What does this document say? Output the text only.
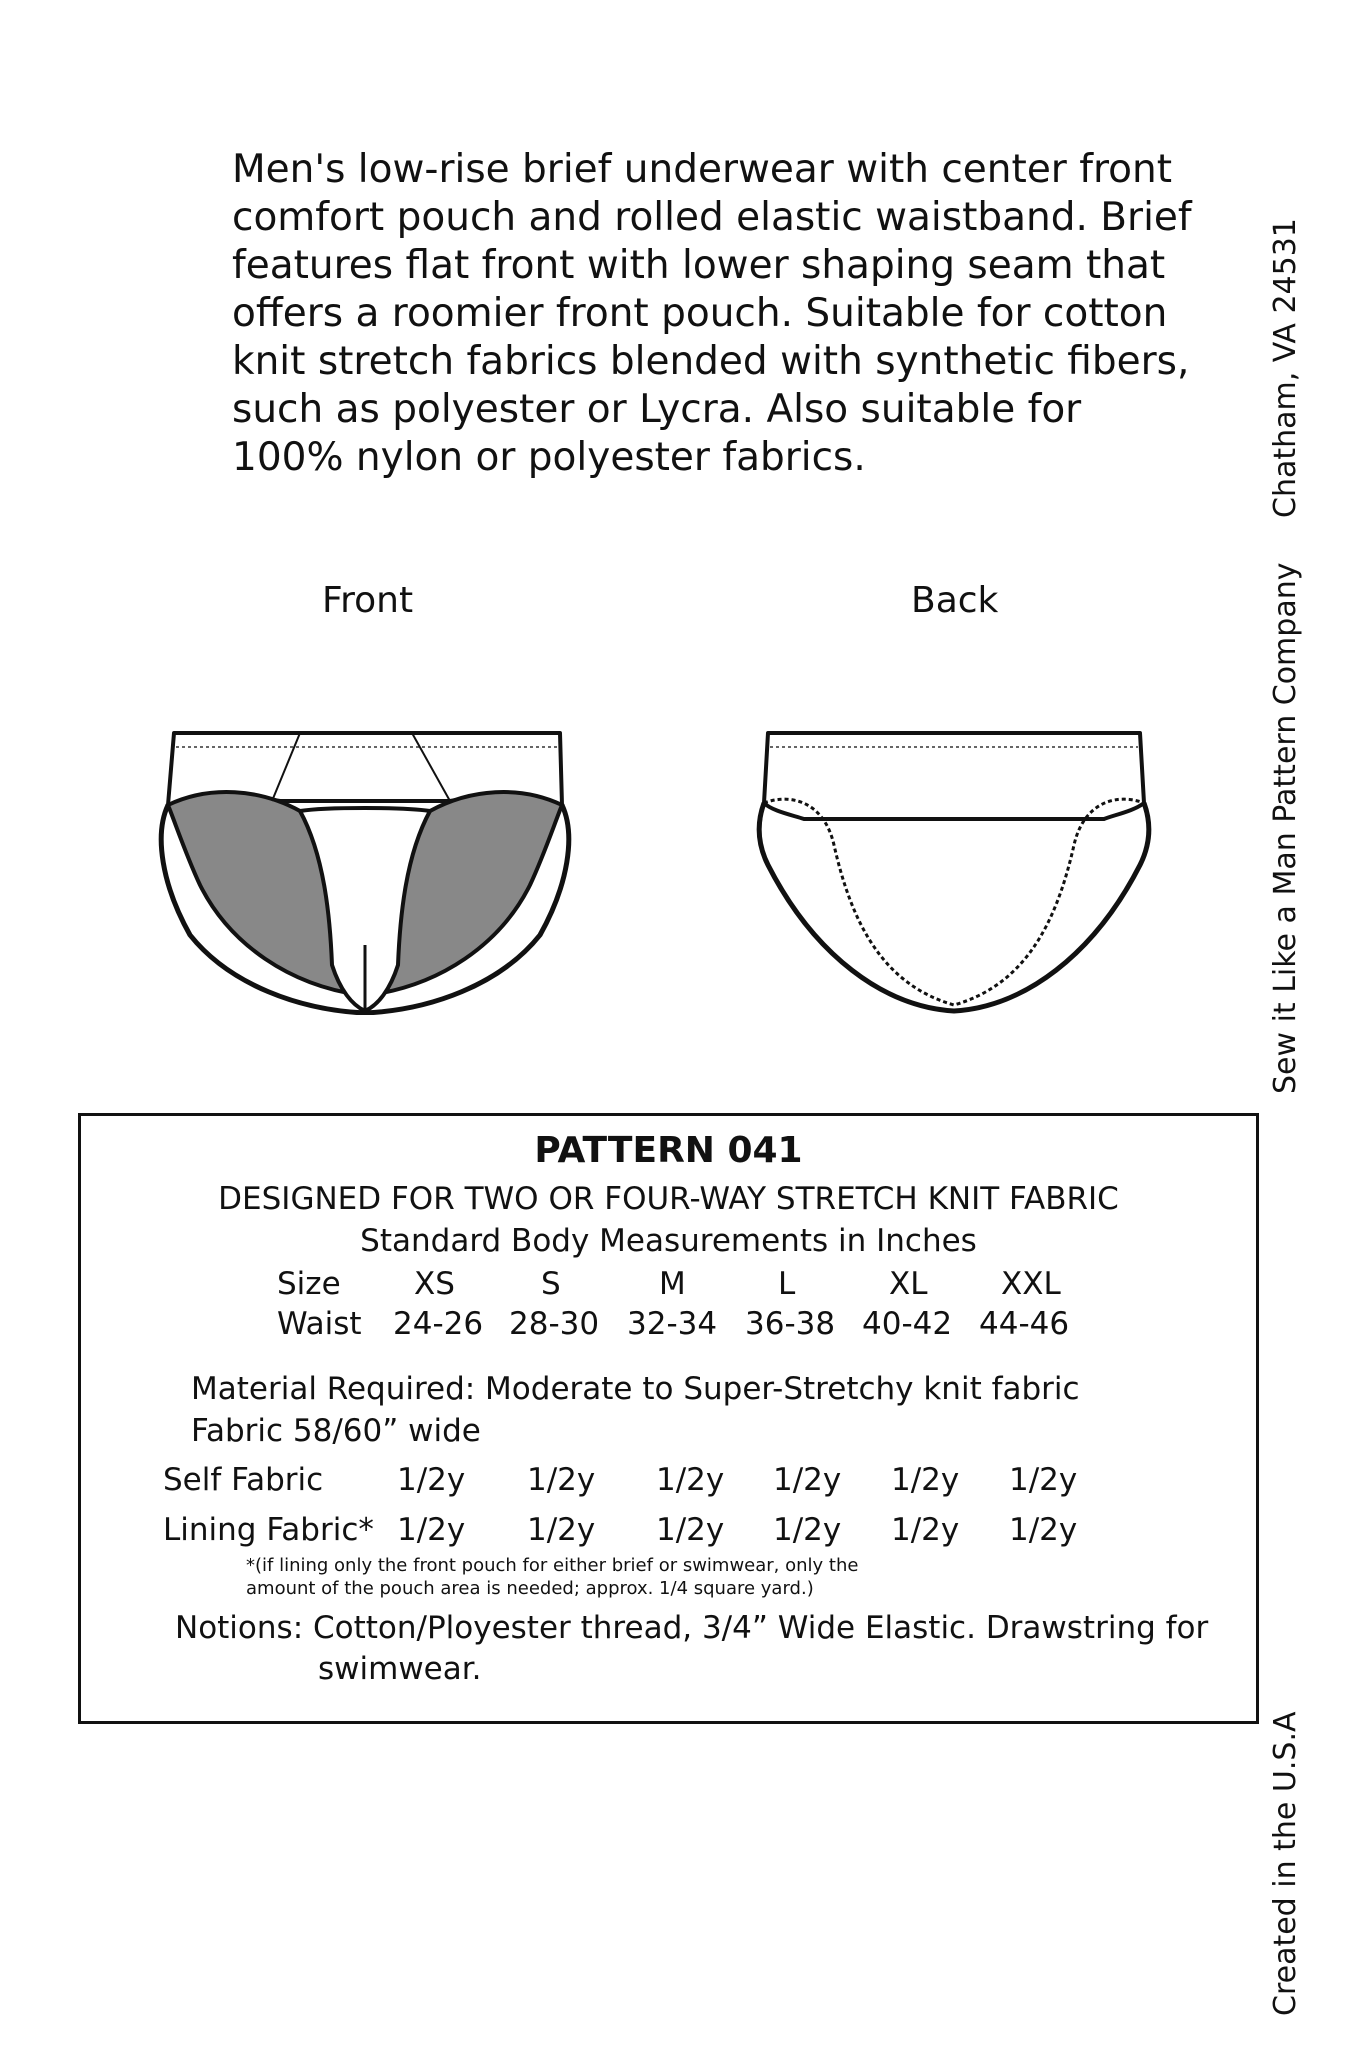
Men's low-rise brief underwear with center front
comfort pouch and rolled elastic waistband. Brief
features flat front with lower shaping seam that
offers a roomier front pouch. Suitable for cotton
knit stretch fabrics blended with synthetic fibers,
such as polyester or Lycra. Also suitable for
100% nylon or polyester fabrics.
Front	Back
Chatham, VA 24531
Sew it Like a Man Pattern Company
Created in the U.S.A
PATTERN 041
DESIGNED FOR TWO OR FOUR-WAY STRETCH KNIT FABRIC
Standard Body Measurements in Inches
Size XS	S	M	L	XL XXL
Waist 24-26 28-30 32-34 36-38 40-42 44-46
Material Required: Moderate to Super-Stretchy knit fabric
Fabric 58/60” wide
Self Fabric 1/2y 1/2y 1/2y 1/2y 1/2y 1/2y
Lining Fabric* 1/2y 1/2y 1/2y 1/2y 1/2y 1/2y
*(if lining only the front pouch for either brief or swimwear, only the
amount of the pouch area is needed; approx. 1/4 square yard.)
Notions: Cotton/Ployester thread, 3/4” Wide Elastic. Drawstring for
swimwear.
